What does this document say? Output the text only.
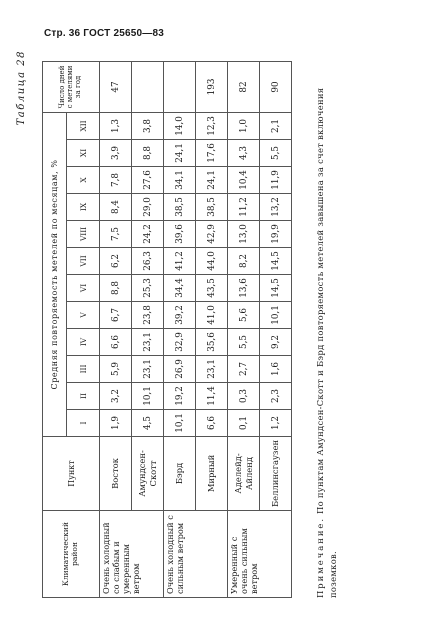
Стр. 36 ГОСТ 25650—83
Таблица 28
Климатический район	Пункт	Средняя повторяемость метелей по месяцам, %												Число дней с метелями за год
		I	II	III	IV	V	VI	VII	VIII	IX	X	XI	XII	
Очень холодный со слабым и умеренным ветром	Восток	1,9	3,2	5,9	6,6	6,7	8,8	6,2	7,5	8,4	7,8	3,9	1,3	47
	Амундсен-Скотт	4,5	10,1	23,1	23,1	23,8	25,3	26,3	24,2	29,0	27,6	8,8	3,8	
Очень холодный с сильным ветром	Бэрд	10,1	19,2	26,9	32,9	39,2	34,4	41,2	39,6	38,5	34,1	24,1	14,0	
	Мирный	6,6	11,4	23,1	35,6	41,0	43,5	44,0	42,9	38,5	24,1	17,6	12,3	193
Умеренный с очень сильным ветром	Аделейд-Айленд	0,1	0,3	2,7	5,5	5,6	13,6	8,2	13,0	11,2	10,4	4,3	1,0	82
	Беллинсгаузен	1,2	2,3	1,6	9,2	10,1	14,5	14,5	19,9	13,2	11,9	5,5	2,1	90
Примечание. По пунктам Амундсен-Скотт и Бэрд повторяемость метелей завышена за счет включения поземков.
